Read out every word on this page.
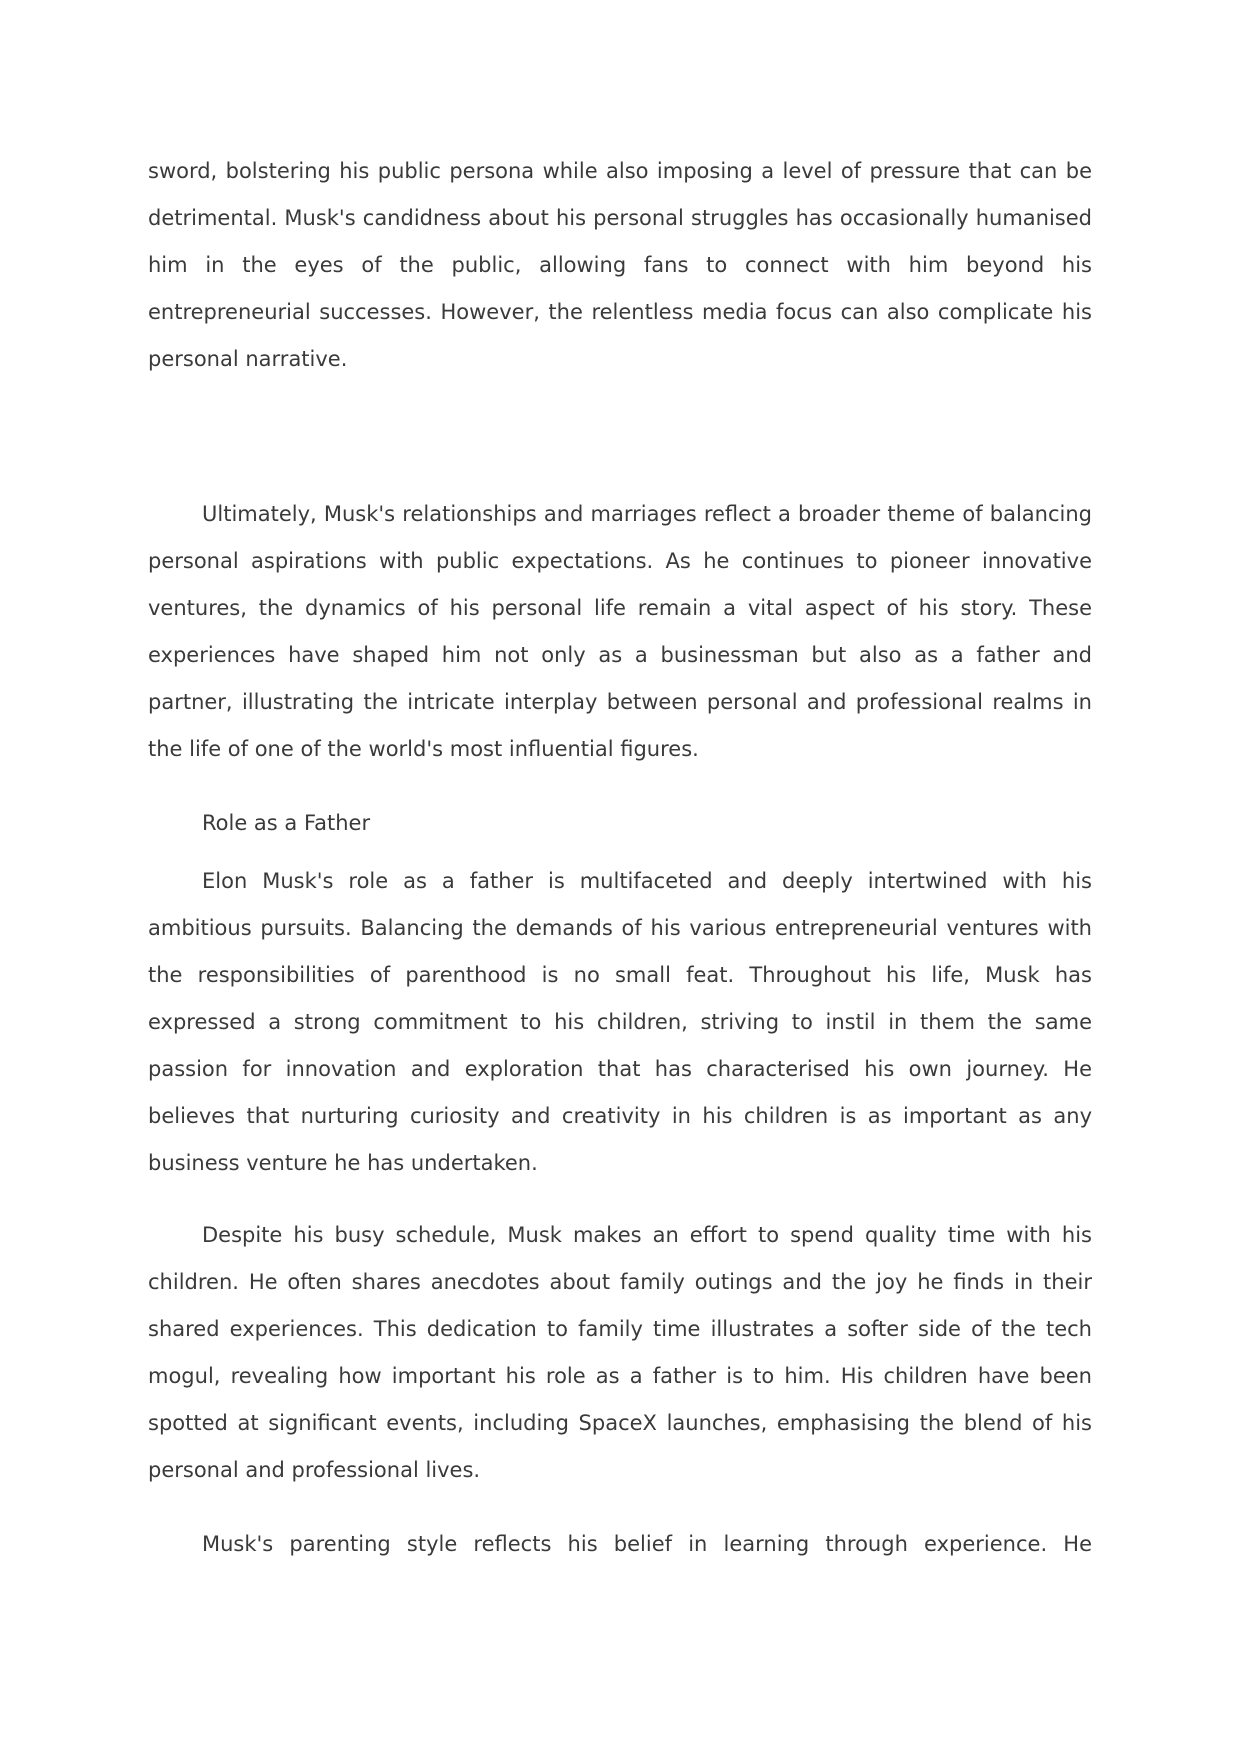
sword, bolstering his public persona while also imposing a level of pressure that can be detrimental. Musk's candidness about his personal struggles has occasionally humanised him in the eyes of the public, allowing fans to connect with him beyond his entrepreneurial successes. However, the relentless media focus can also complicate his personal narrative.

Ultimately, Musk's relationships and marriages reflect a broader theme of balancing personal aspirations with public expectations. As he continues to pioneer innovative ventures, the dynamics of his personal life remain a vital aspect of his story. These experiences have shaped him not only as a businessman but also as a father and partner, illustrating the intricate interplay between personal and professional realms in the life of one of the world's most influential figures.

Role as a Father

Elon Musk's role as a father is multifaceted and deeply intertwined with his ambitious pursuits. Balancing the demands of his various entrepreneurial ventures with the responsibilities of parenthood is no small feat. Throughout his life, Musk has expressed a strong commitment to his children, striving to instil in them the same passion for innovation and exploration that has characterised his own journey. He believes that nurturing curiosity and creativity in his children is as important as any business venture he has undertaken.

Despite his busy schedule, Musk makes an effort to spend quality time with his children. He often shares anecdotes about family outings and the joy he finds in their shared experiences. This dedication to family time illustrates a softer side of the tech mogul, revealing how important his role as a father is to him. His children have been spotted at significant events, including SpaceX launches, emphasising the blend of his personal and professional lives.

Musk's parenting style reflects his belief in learning through experience. He
